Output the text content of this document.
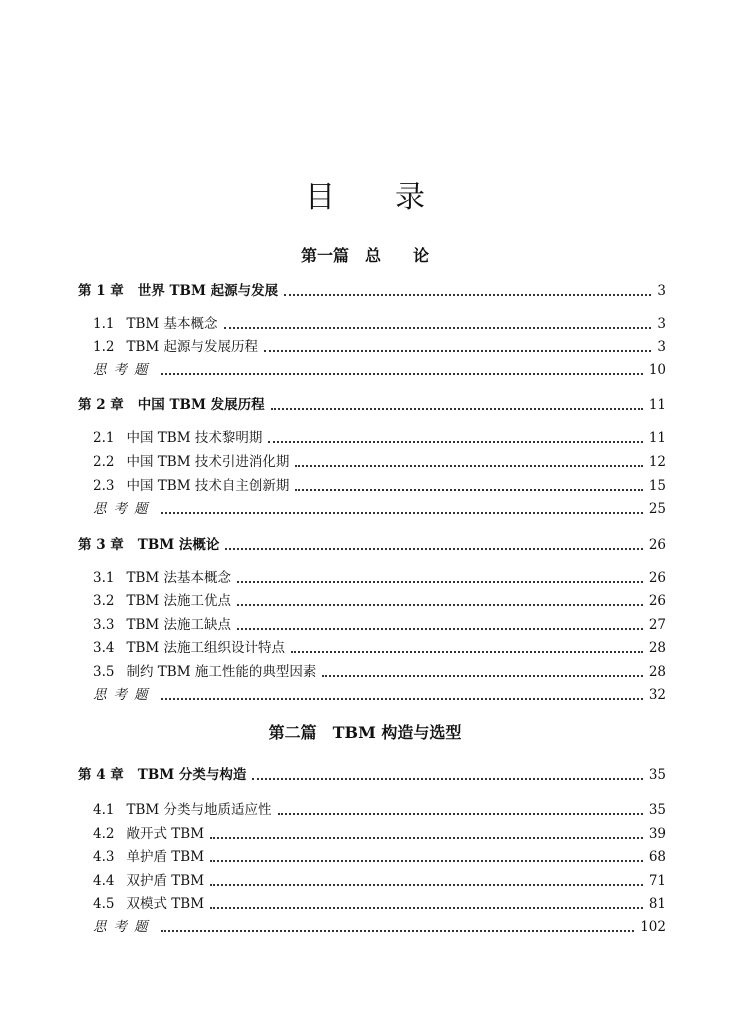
目 录
第一篇　总　　论
第 1 章 世界 TBM 起源与发展	3
1.1 TBM 基本概念	3
1.2 TBM 起源与发展历程	3
思考题	10
第 2 章 中国 TBM 发展历程	11
2.1 中国 TBM 技术黎明期	11
2.2 中国 TBM 技术引进消化期	12
2.3 中国 TBM 技术自主创新期	15
思考题	25
第 3 章 TBM 法概论	26
3.1 TBM 法基本概念	26
3.2 TBM 法施工优点	26
3.3 TBM 法施工缺点	27
3.4 TBM 法施工组织设计特点	28
3.5 制约 TBM 施工性能的典型因素	28
思考题	32
第二篇　TBM 构造与选型
第 4 章 TBM 分类与构造	35
4.1 TBM 分类与地质适应性	35
4.2 敞开式 TBM	39
4.3 单护盾 TBM	68
4.4 双护盾 TBM	71
4.5 双模式 TBM	81
思考题	102
